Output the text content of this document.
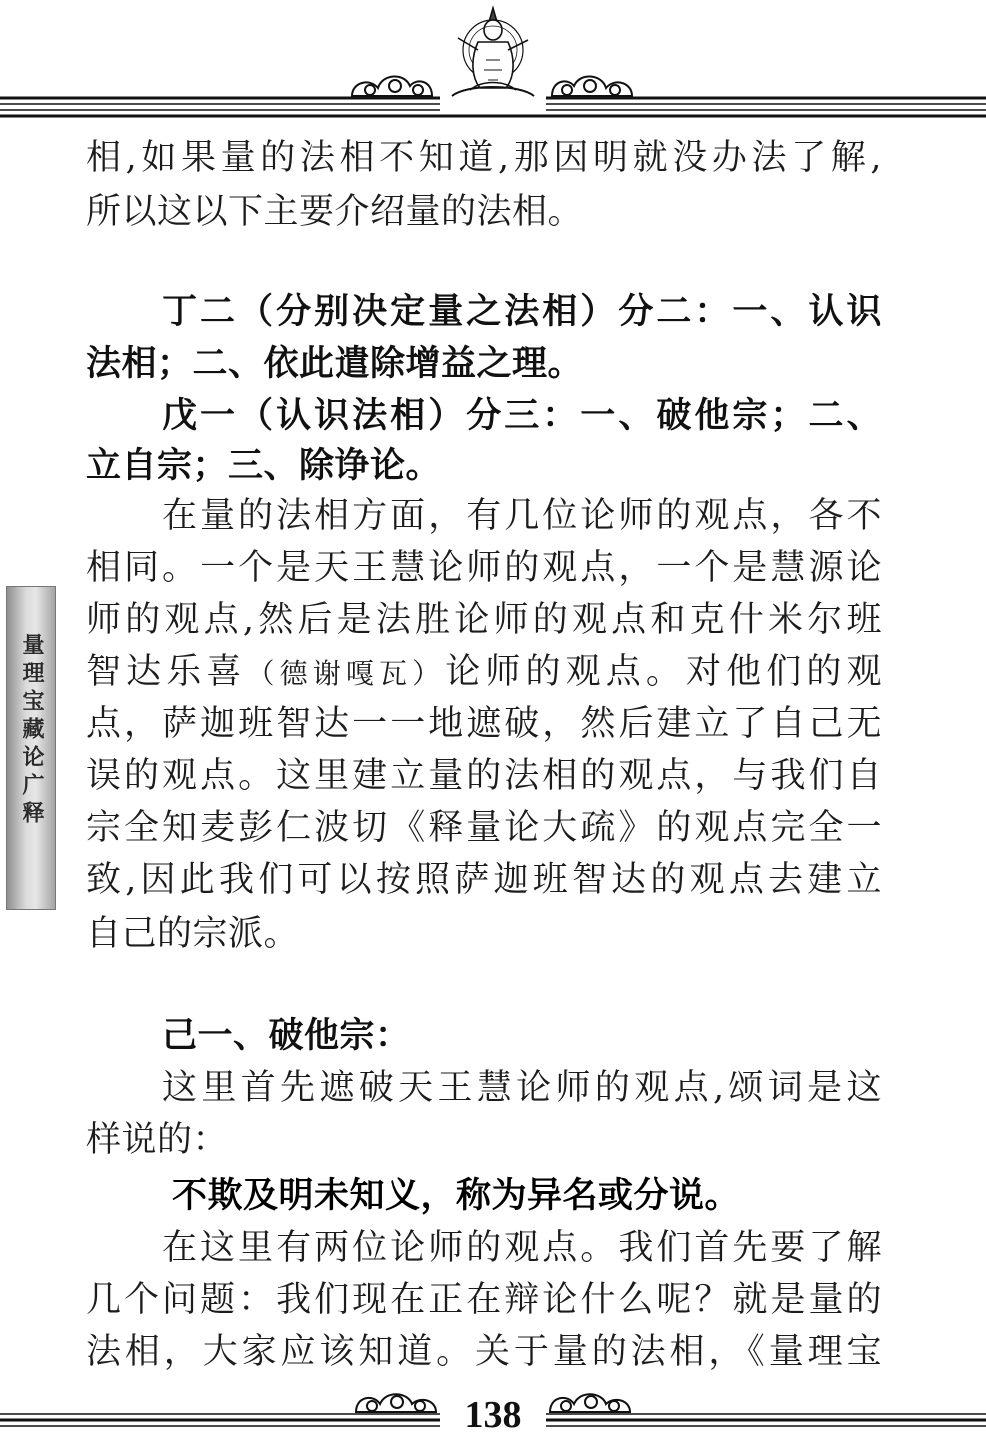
量理宝藏论广释

相,如果量的法相不知道,那因明就没办法了解,

所以这以下主要介绍量的法相。

丁二（分别决定量之法相）分二：一、认识

法相；二、依此遣除增益之理。

戊一（认识法相）分三：一、破他宗；二、

立自宗；三、除诤论。

在量的法相方面，有几位论师的观点，各不

相同。一个是天王慧论师的观点，一个是慧源论

师的观点,然后是法胜论师的观点和克什米尔班

智达乐喜（德谢嘎瓦）论师的观点。对他们的观

点，萨迦班智达一一地遮破，然后建立了自己无

误的观点。这里建立量的法相的观点，与我们自

宗全知麦彭仁波切《释量论大疏》的观点完全一

致,因此我们可以按照萨迦班智达的观点去建立

自己的宗派。

己一、破他宗：

这里首先遮破天王慧论师的观点,颂词是这

样说的：

不欺及明未知义，称为异名或分说。

在这里有两位论师的观点。我们首先要了解

几个问题：我们现在正在辩论什么呢？就是量的

法相，大家应该知道。关于量的法相，《量理宝

138
